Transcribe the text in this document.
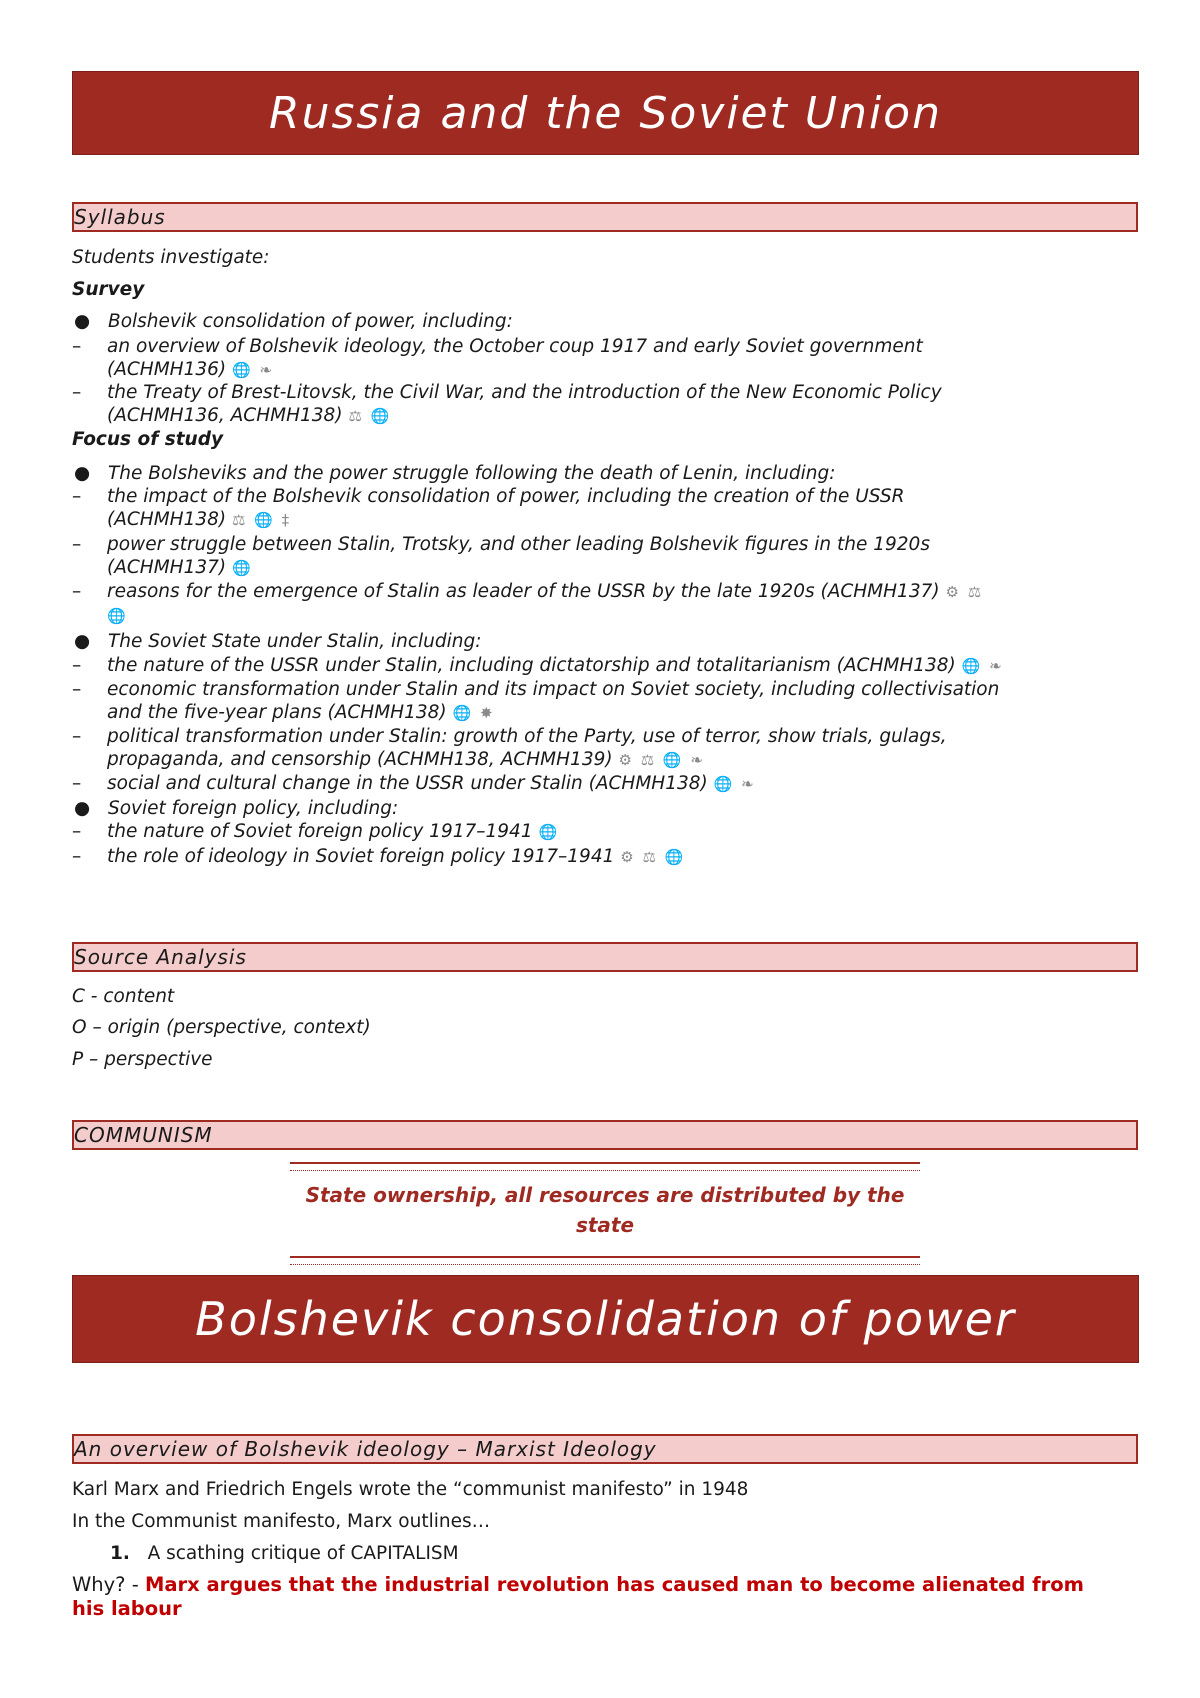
Russia and the Soviet Union
Syllabus
Students investigate:
Survey
● Bolshevik consolidation of power, including:
– an overview of Bolshevik ideology, the October coup 1917 and early Soviet government
(ACHMH136) 🌐 ❧
– the Treaty of Brest-Litovsk, the Civil War, and the introduction of the New Economic Policy
(ACHMH136, ACHMH138) ⚖ 🌐
Focus of study
● The Bolsheviks and the power struggle following the death of Lenin, including:
– the impact of the Bolshevik consolidation of power, including the creation of the USSR
(ACHMH138) ⚖ 🌐 ‡
– power struggle between Stalin, Trotsky, and other leading Bolshevik figures in the 1920s
(ACHMH137) 🌐
– reasons for the emergence of Stalin as leader of the USSR by the late 1920s (ACHMH137) ⚙ ⚖
🌐
● The Soviet State under Stalin, including:
– the nature of the USSR under Stalin, including dictatorship and totalitarianism (ACHMH138) 🌐 ❧
– economic transformation under Stalin and its impact on Soviet society, including collectivisation
and the five-year plans (ACHMH138) 🌐 ✸
– political transformation under Stalin: growth of the Party, use of terror, show trials, gulags,
propaganda, and censorship (ACHMH138, ACHMH139) ⚙ ⚖ 🌐 ❧
– social and cultural change in the USSR under Stalin (ACHMH138) 🌐 ❧
● Soviet foreign policy, including:
– the nature of Soviet foreign policy 1917–1941 🌐
– the role of ideology in Soviet foreign policy 1917–1941 ⚙ ⚖ 🌐
Source Analysis
C - content
O – origin (perspective, context)
P – perspective
COMMUNISM
State ownership, all resources are distributed by the
state
Bolshevik consolidation of power
An overview of Bolshevik ideology – Marxist Ideology
Karl Marx and Friedrich Engels wrote the “communist manifesto” in 1948
In the Communist manifesto, Marx outlines…
1. A scathing critique of CAPITALISM
Why? - Marx argues that the industrial revolution has caused man to become alienated from
his labour
